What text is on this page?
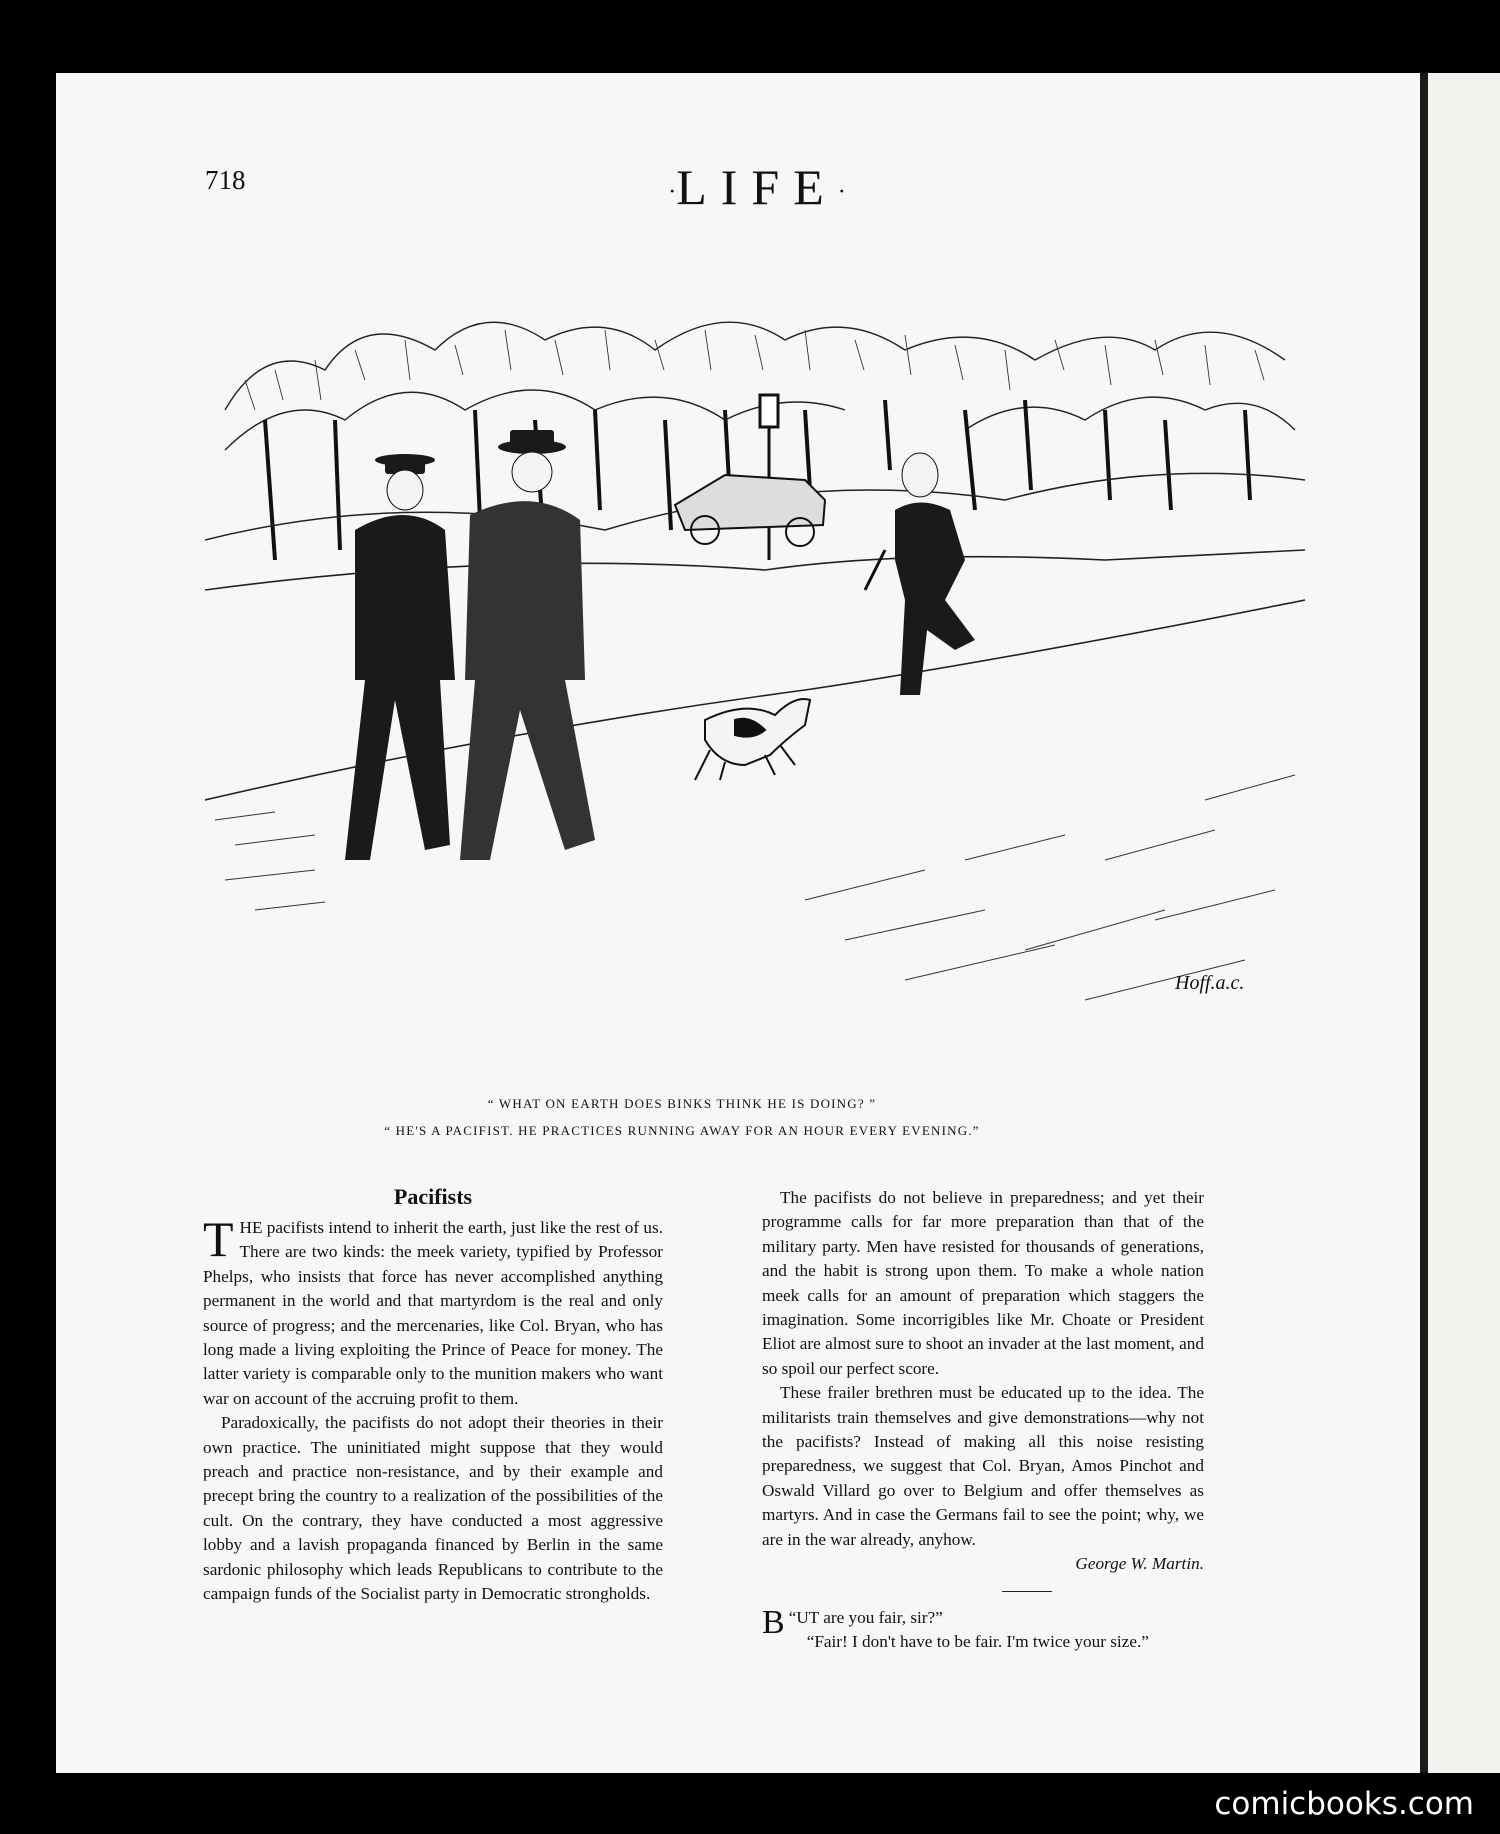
718	·LIFE·
Hoff.a.c.
“ WHAT ON EARTH DOES BINKS THINK HE IS DOING? ”
“ HE'S A PACIFIST. HE PRACTICES RUNNING AWAY FOR AN HOUR EVERY EVENING.”
Pacifists

THE pacifists intend to inherit the earth, just like the rest of us. There are two kinds: the meek variety, typified by Professor Phelps, who insists that force has never accomplished anything permanent in the world and that martyrdom is the real and only source of progress; and the mercenaries, like Col. Bryan, who has long made a living exploiting the Prince of Peace for money. The latter variety is comparable only to the munition makers who want war on account of the accruing profit to them.

Paradoxically, the pacifists do not adopt their theories in their own practice. The uninitiated might suppose that they would preach and practice non-resistance, and by their example and precept bring the country to a realization of the possibilities of the cult. On the contrary, they have conducted a most aggressive lobby and a lavish propaganda financed by Berlin in the same sardonic philosophy which leads Republicans to contribute to the campaign funds of the Socialist party in Democratic strongholds.

The pacifists do not believe in preparedness; and yet their programme calls for far more preparation than that of the military party. Men have resisted for thousands of generations, and the habit is strong upon them. To make a whole nation meek calls for an amount of preparation which staggers the imagination. Some incorrigibles like Mr. Choate or President Eliot are almost sure to shoot an invader at the last moment, and so spoil our perfect score.

These frailer brethren must be educated up to the idea. The militarists train themselves and give demonstrations—why not the pacifists? Instead of making all this noise resisting preparedness, we suggest that Col. Bryan, Amos Pinchot and Oswald Villard go over to Belgium and offer themselves as martyrs. And in case the Germans fail to see the point; why, we are in the war already, anyhow.

George W. Martin.

“
B UT are you fair, sir?”

“Fair! I don't have to be fair. I'm twice your size.”

comicbooks.com
